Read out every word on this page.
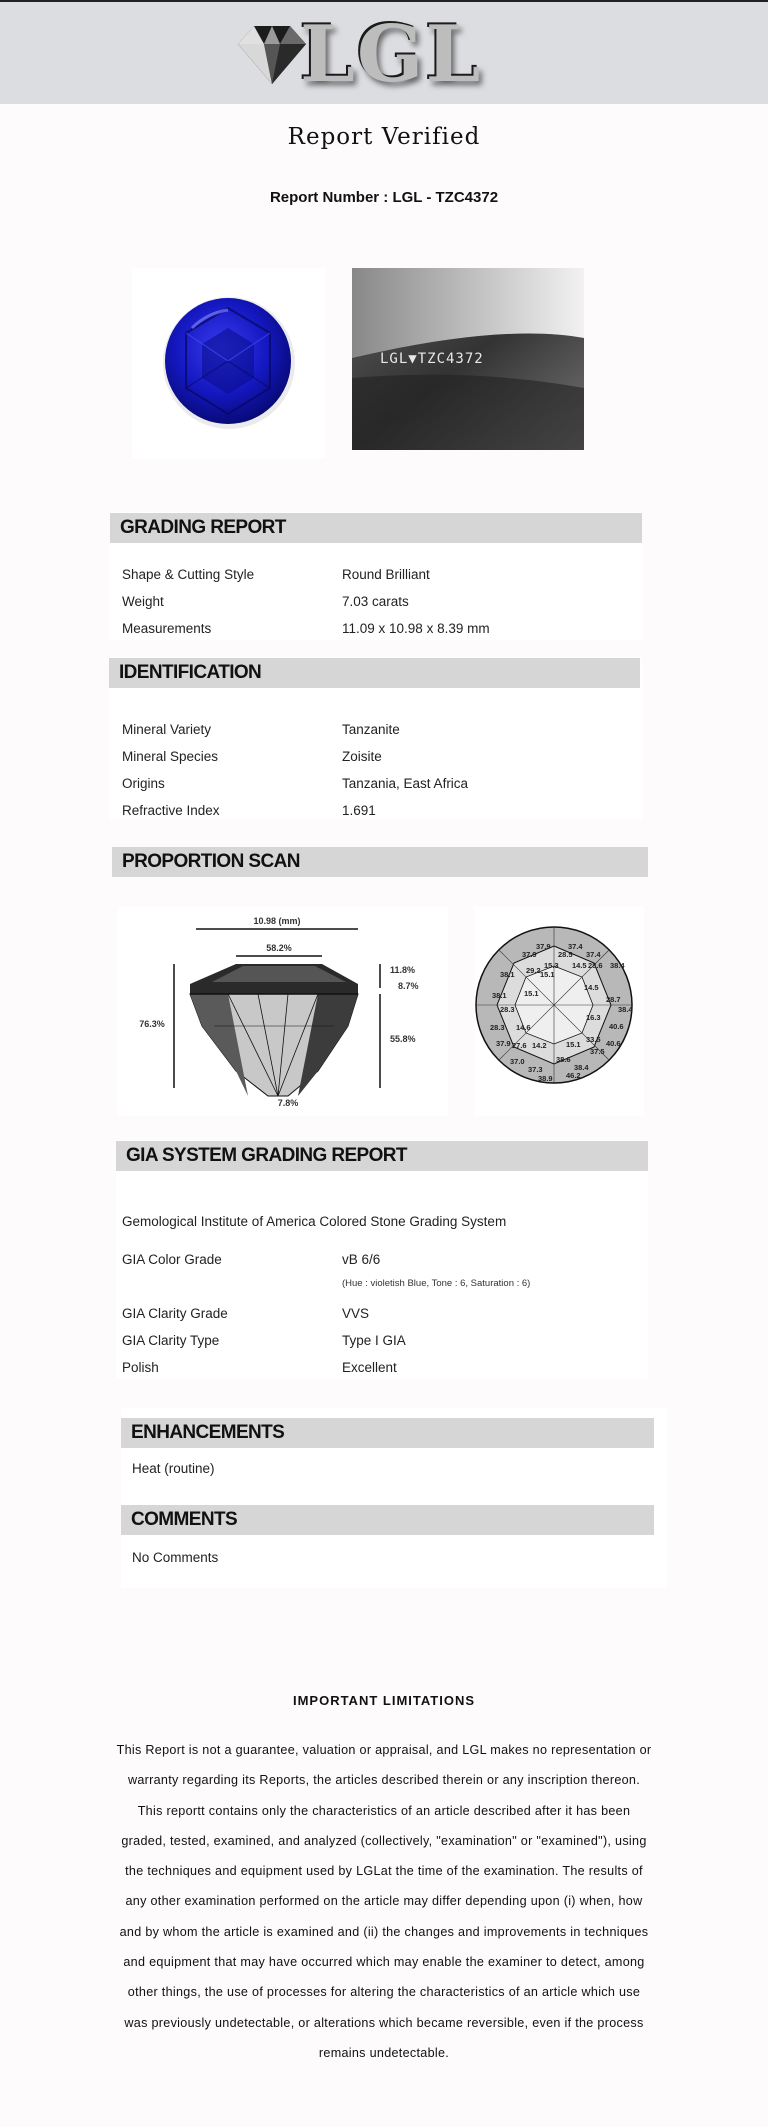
LGL
Report Verified
Report Number : LGL - TZC4372
LGL▼TZC4372
GRADING REPORT
Shape & Cutting Style	Round Brilliant
Weight	7.03 carats
Measurements	11.09 x 10.98 x 8.39 mm
IDENTIFICATION
Mineral Variety	Tanzanite
Mineral Species	Zoisite
Origins	Tanzania, East Africa
Refractive Index	1.691
PROPORTION SCAN
10.98 (mm)
58.2%
76.3%
11.8%
8.7%
55.8%
7.8%
37.9 37.4
37.9	28.5 37.4
15.3 14.5 28.6 38.4
38.1 29.2 15.1
14.5
38.1 15.1
28.7
38.4
28.3
16.3
40.6
28.3 14.6
33.5
37.9	40.6
27.6 14.2	15.1
37.5
37.3
38.6
38.4
46.2
38.9
37.0
GIA SYSTEM GRADING REPORT
Gemological Institute of America Colored Stone Grading System
GIA Color Grade	vB 6/6
(Hue : violetish Blue, Tone : 6, Saturation : 6)
GIA Clarity Grade	VVS
GIA Clarity Type	Type I GIA
Polish	Excellent
ENHANCEMENTS
Heat (routine)
COMMENTS
No Comments
IMPORTANT LIMITATIONS
This Report is not a guarantee, valuation or appraisal, and LGL makes no representation or warranty regarding its Reports, the articles described therein or any inscription thereon. This reportt contains only the characteristics of an article described after it has been graded, tested, examined, and analyzed (collectively, "examination" or "examined"), using the techniques and equipment used by LGLat the time of the examination. The results of any other examination performed on the article may differ depending upon (i) when, how and by whom the article is examined and (ii) the changes and improvements in techniques and equipment that may have occurred which may enable the examiner to detect, among other things, the use of processes for altering the characteristics of an article which use was previously undetectable, or alterations which became reversible, even if the process remains undetectable.
